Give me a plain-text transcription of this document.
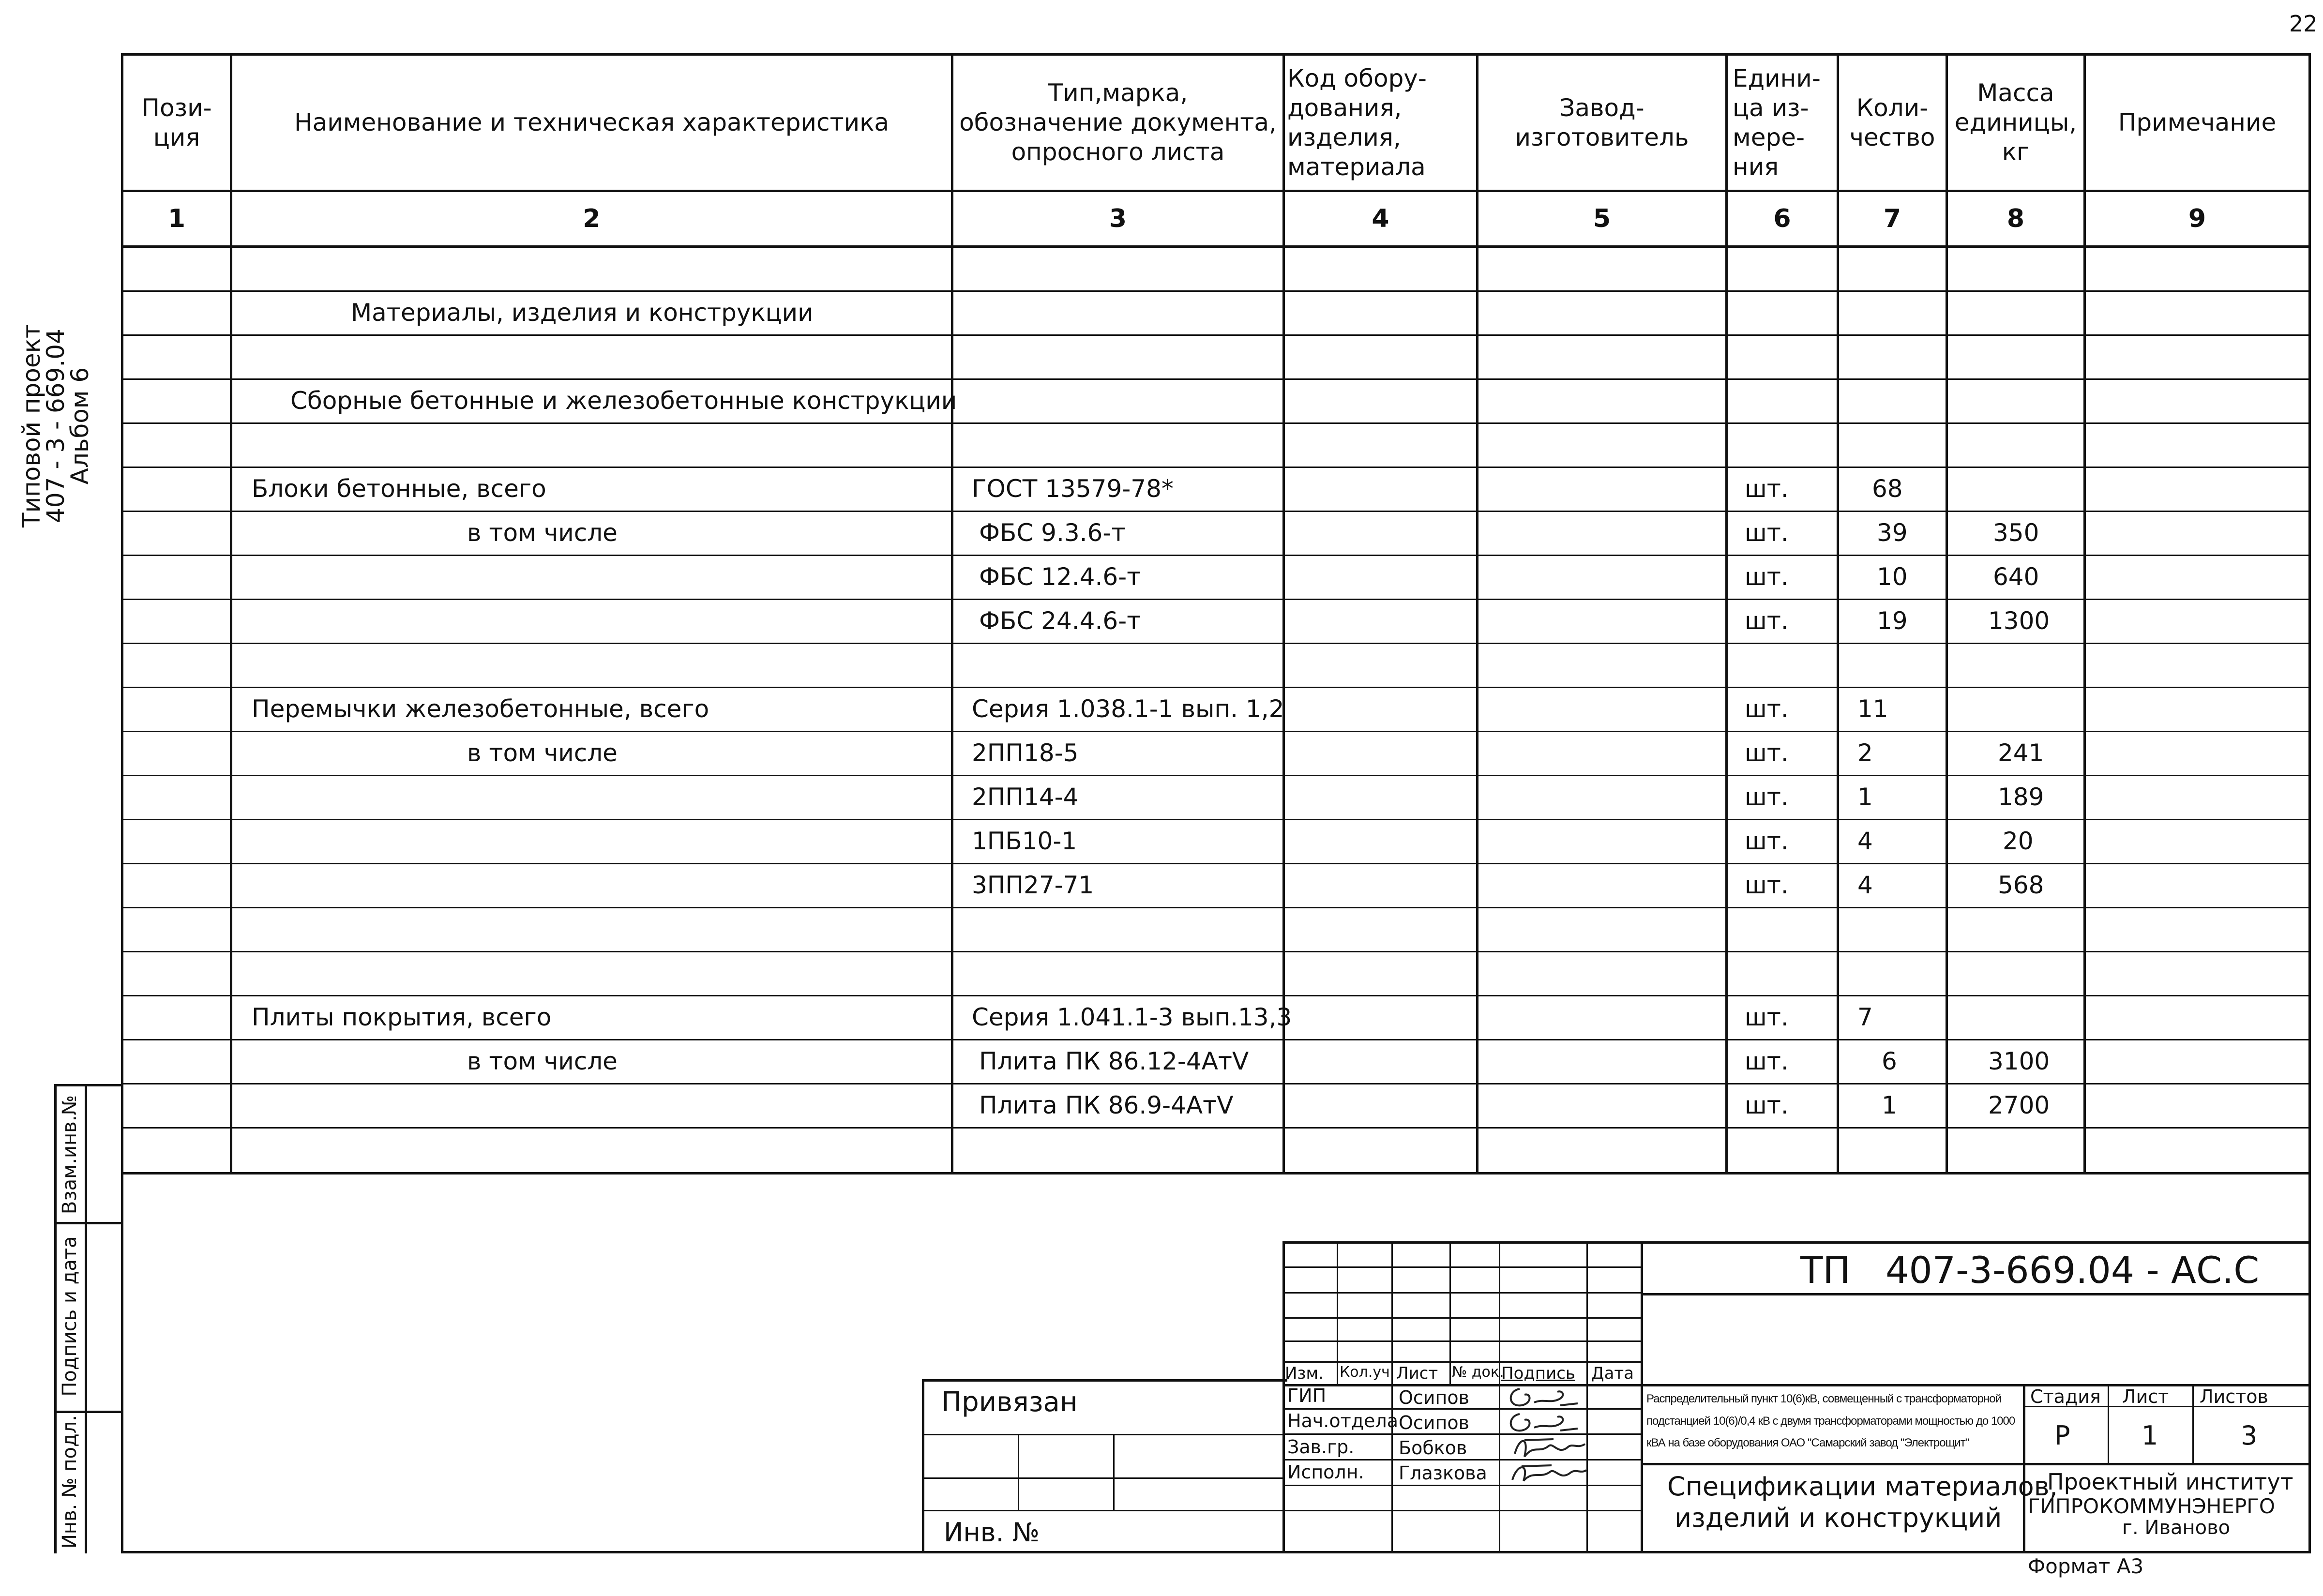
22
Типовой проект
407 - 3 - 669.04
Альбом 6
Пози-
ция
Наименование и техническая характеристика
Тип,марка,
обозначение документа,
опросного листа
Код обору-
дования,
изделия,
материала
Завод-
изготовитель
Едини-
ца из-
мере-
ния
Коли-
чество
Масса
единицы,
кг
Примечание
1	2	3	4	5	6	7	8	9
Материалы, изделия и конструкции
Сборные бетонные и железобетонные конструкции
Блоки бетонные, всего	ГОСТ 13579-78*	шт.	68
в том числе	ФБС 9.3.6-т	шт.	39	350
ФБС 12.4.6-т	шт.	10	640
ФБС 24.4.6-т	шт.	19	1300
Перемычки железобетонные, всего	Серия 1.038.1-1 вып. 1,2	шт.	11
в том числе	2ПП18-5	шт.	2	241
2ПП14-4	шт.	1	189
1ПБ10-1	шт.	4	20
3ПП27-71	шт.	4	568
Плиты покрытия, всего	Серия 1.041.1-3 вып.13,3	шт.	7
в том числе	Плита ПК 86.12-4АтV	шт.	6	3100
Плита ПК 86.9-4АтV	шт.	1	2700
Взам.инв.№
Подпись и дата
Инв. № подл.
Привязан
Инв. №
Изм. Кол.уч. Лист № док.
Подпись Дата
ГИП	Осипов
Нач.отдела Осипов
Зав.гр. Бобков
Исполн. Глазкова
ТП   407-3-669.04 - АС.С
Распределительный пункт 10(6)кВ, совмещенный с трансформаторной подстанцией 10(6)/0,4 кВ с двумя трансформаторами мощностью до 1000 кВА на базе оборудования ОАО "Самарский завод "Электрощит"
Стадия Лист Листов
Р	1	3
Спецификации материалов,
изделий и конструкций
Проектный институт
ГИПРОКОММУНЭНЕРГО
г. Иваново
Формат А3
